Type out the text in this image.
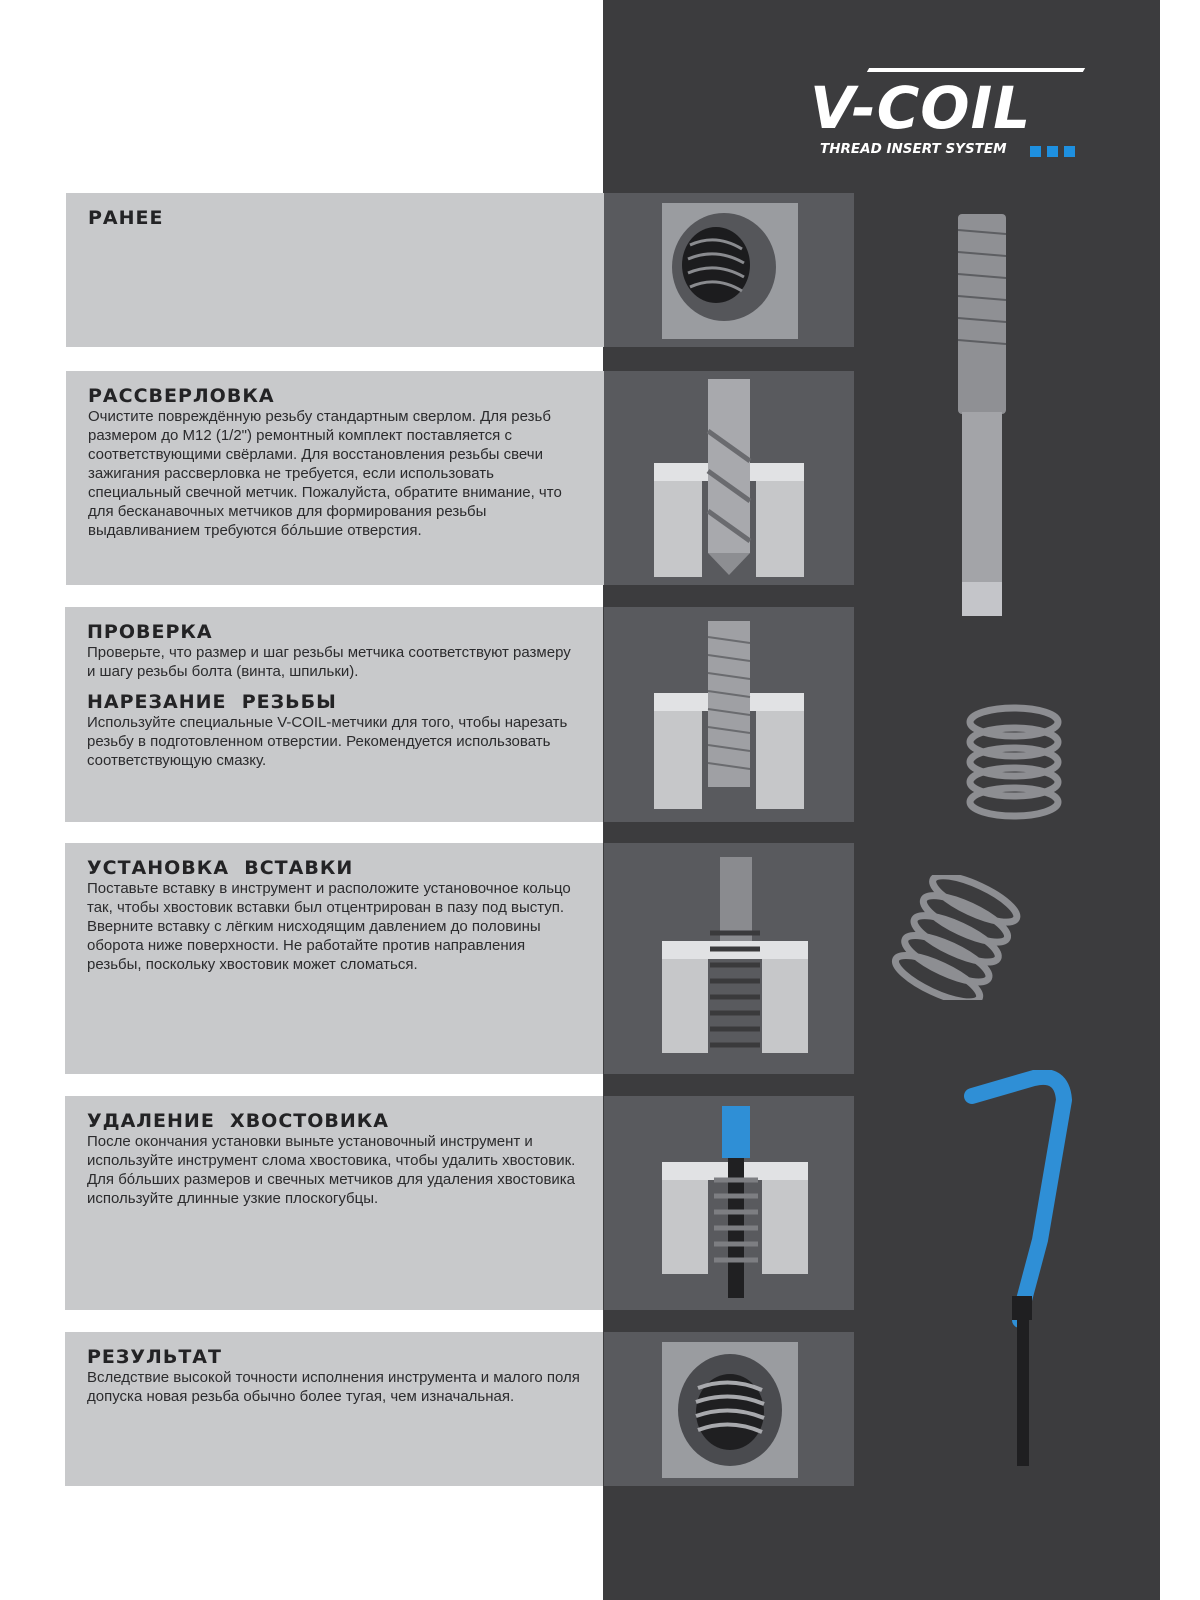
V-COIL
THREAD INSERT SYSTEM

РАНЕЕ

РАССВЕРЛОВКА

Очистите повреждённую резьбу стандартным сверлом. Для резьб размером до М12 (1/2") ремонтный комплект поставляется с соответствующими свёрлами. Для восстановления резьбы свечи зажигания рассверловка не требуется, если использовать специальный свечной метчик. Пожалуйста, обратите внимание, что для бесканавочных метчиков для формирования резьбы выдавливанием требуются бóльшие отверстия.

ПРОВЕРКА

Проверьте, что размер и шаг резьбы метчика соответствуют размеру и шагу резьбы болта (винта, шпильки).

НАРЕЗАНИЕ  РЕЗЬБЫ

Используйте специальные V-COIL-метчики для того, чтобы нарезать резьбу в подготовленном отверстии. Рекомендуется использовать соответствующую смазку.

УСТАНОВКА  ВСТАВКИ

Поставьте вставку в инструмент и расположите установочное кольцо так, чтобы хвостовик вставки был отцентрирован в пазу под выступ. Вверните вставку с лёгким нисходящим давлением до половины оборота ниже поверхности. Не работайте против направления резьбы, поскольку хвостовик может сломаться.

УДАЛЕНИЕ  ХВОСТОВИКА

После окончания установки выньте установочный инструмент и используйте инструмент слома хвостовика, чтобы удалить хвостовик. Для бóльших размеров и свечных метчиков для удаления хвостовика используйте длинные узкие плоскогубцы.

РЕЗУЛЬТАТ

Вследствие высокой точности исполнения инструмента и малого поля допуска новая резьба обычно более тугая, чем изначальная.
